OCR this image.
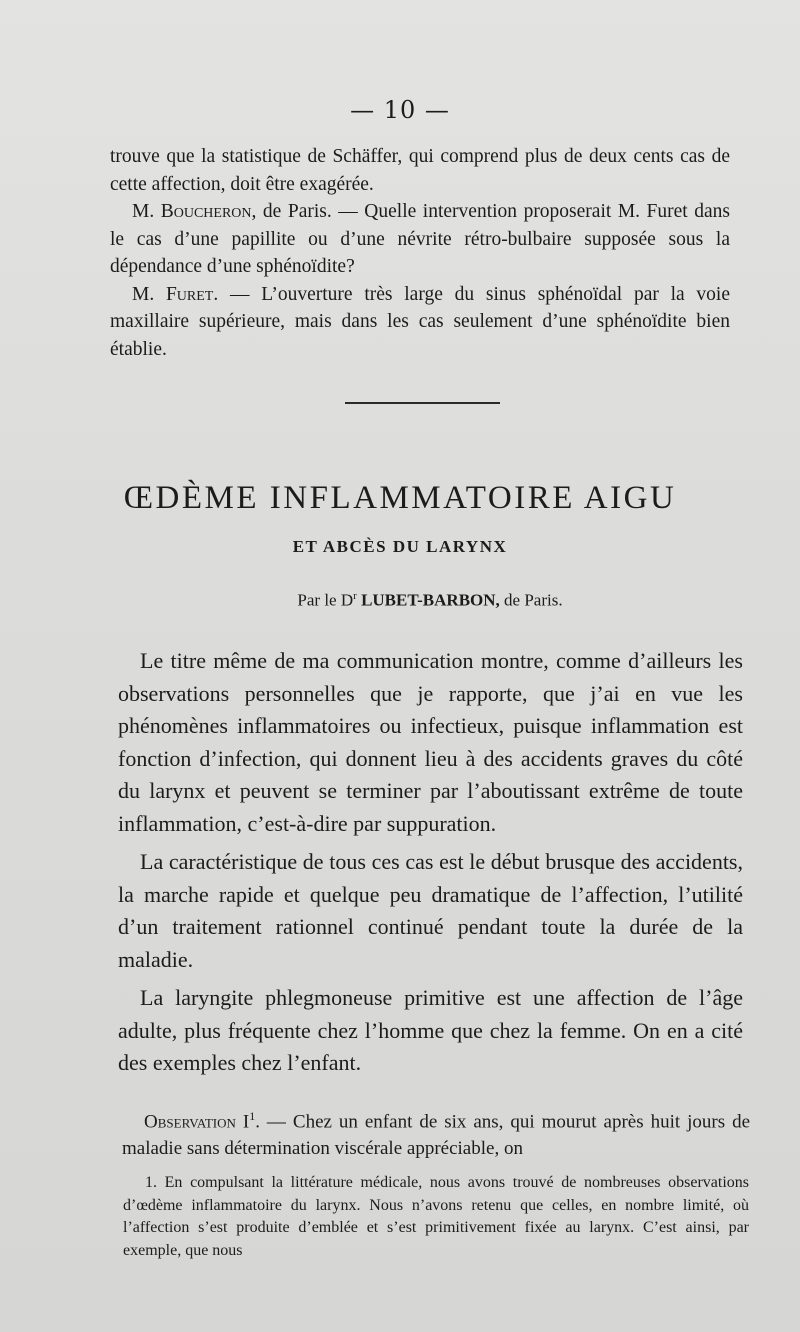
— 10 —

trouve que la statistique de Schäffer, qui comprend plus de deux cents cas de cette affection, doit être exagérée.

M. Boucheron, de Paris. — Quelle intervention proposerait M. Furet dans le cas d’une papillite ou d’une névrite rétro-bulbaire supposée sous la dépendance d’une sphénoïdite?

M. Furet. — L’ouverture très large du sinus sphénoïdal par la voie maxillaire supérieure, mais dans les cas seulement d’une sphénoïdite bien établie.

ŒDÈME INFLAMMATOIRE AIGU
ET ABCÈS DU LARYNX
Par le $D^r$ LUBET-BARBON, de Paris.

Le titre même de ma communication montre, comme d’ailleurs les observations personnelles que je rapporte, que j’ai en vue les phénomènes inflammatoires ou infectieux, puisque inflammation est fonction d’infection, qui donnent lieu à des accidents graves du côté du larynx et peuvent se terminer par l’aboutissant extrême de toute inflammation, c’est-à-dire par suppuration.

La caractéristique de tous ces cas est le début brusque des accidents, la marche rapide et quelque peu dramatique de l’affection, l’utilité d’un traitement rationnel continué pendant toute la durée de la maladie.

La laryngite phlegmoneuse primitive est une affection de l’âge adulte, plus fréquente chez l’homme que chez la femme. On en a cité des exemples chez l’enfant.

Observation $I^1$. — Chez un enfant de six ans, qui mourut après huit jours de maladie sans détermination viscérale appréciable, on

1. En compulsant la littérature médicale, nous avons trouvé de nombreuses observations d’œdème inflammatoire du larynx. Nous n’avons retenu que celles, en nombre limité, où l’affection s’est produite d’emblée et s’est primitivement fixée au larynx. C’est ainsi, par exemple, que nous
